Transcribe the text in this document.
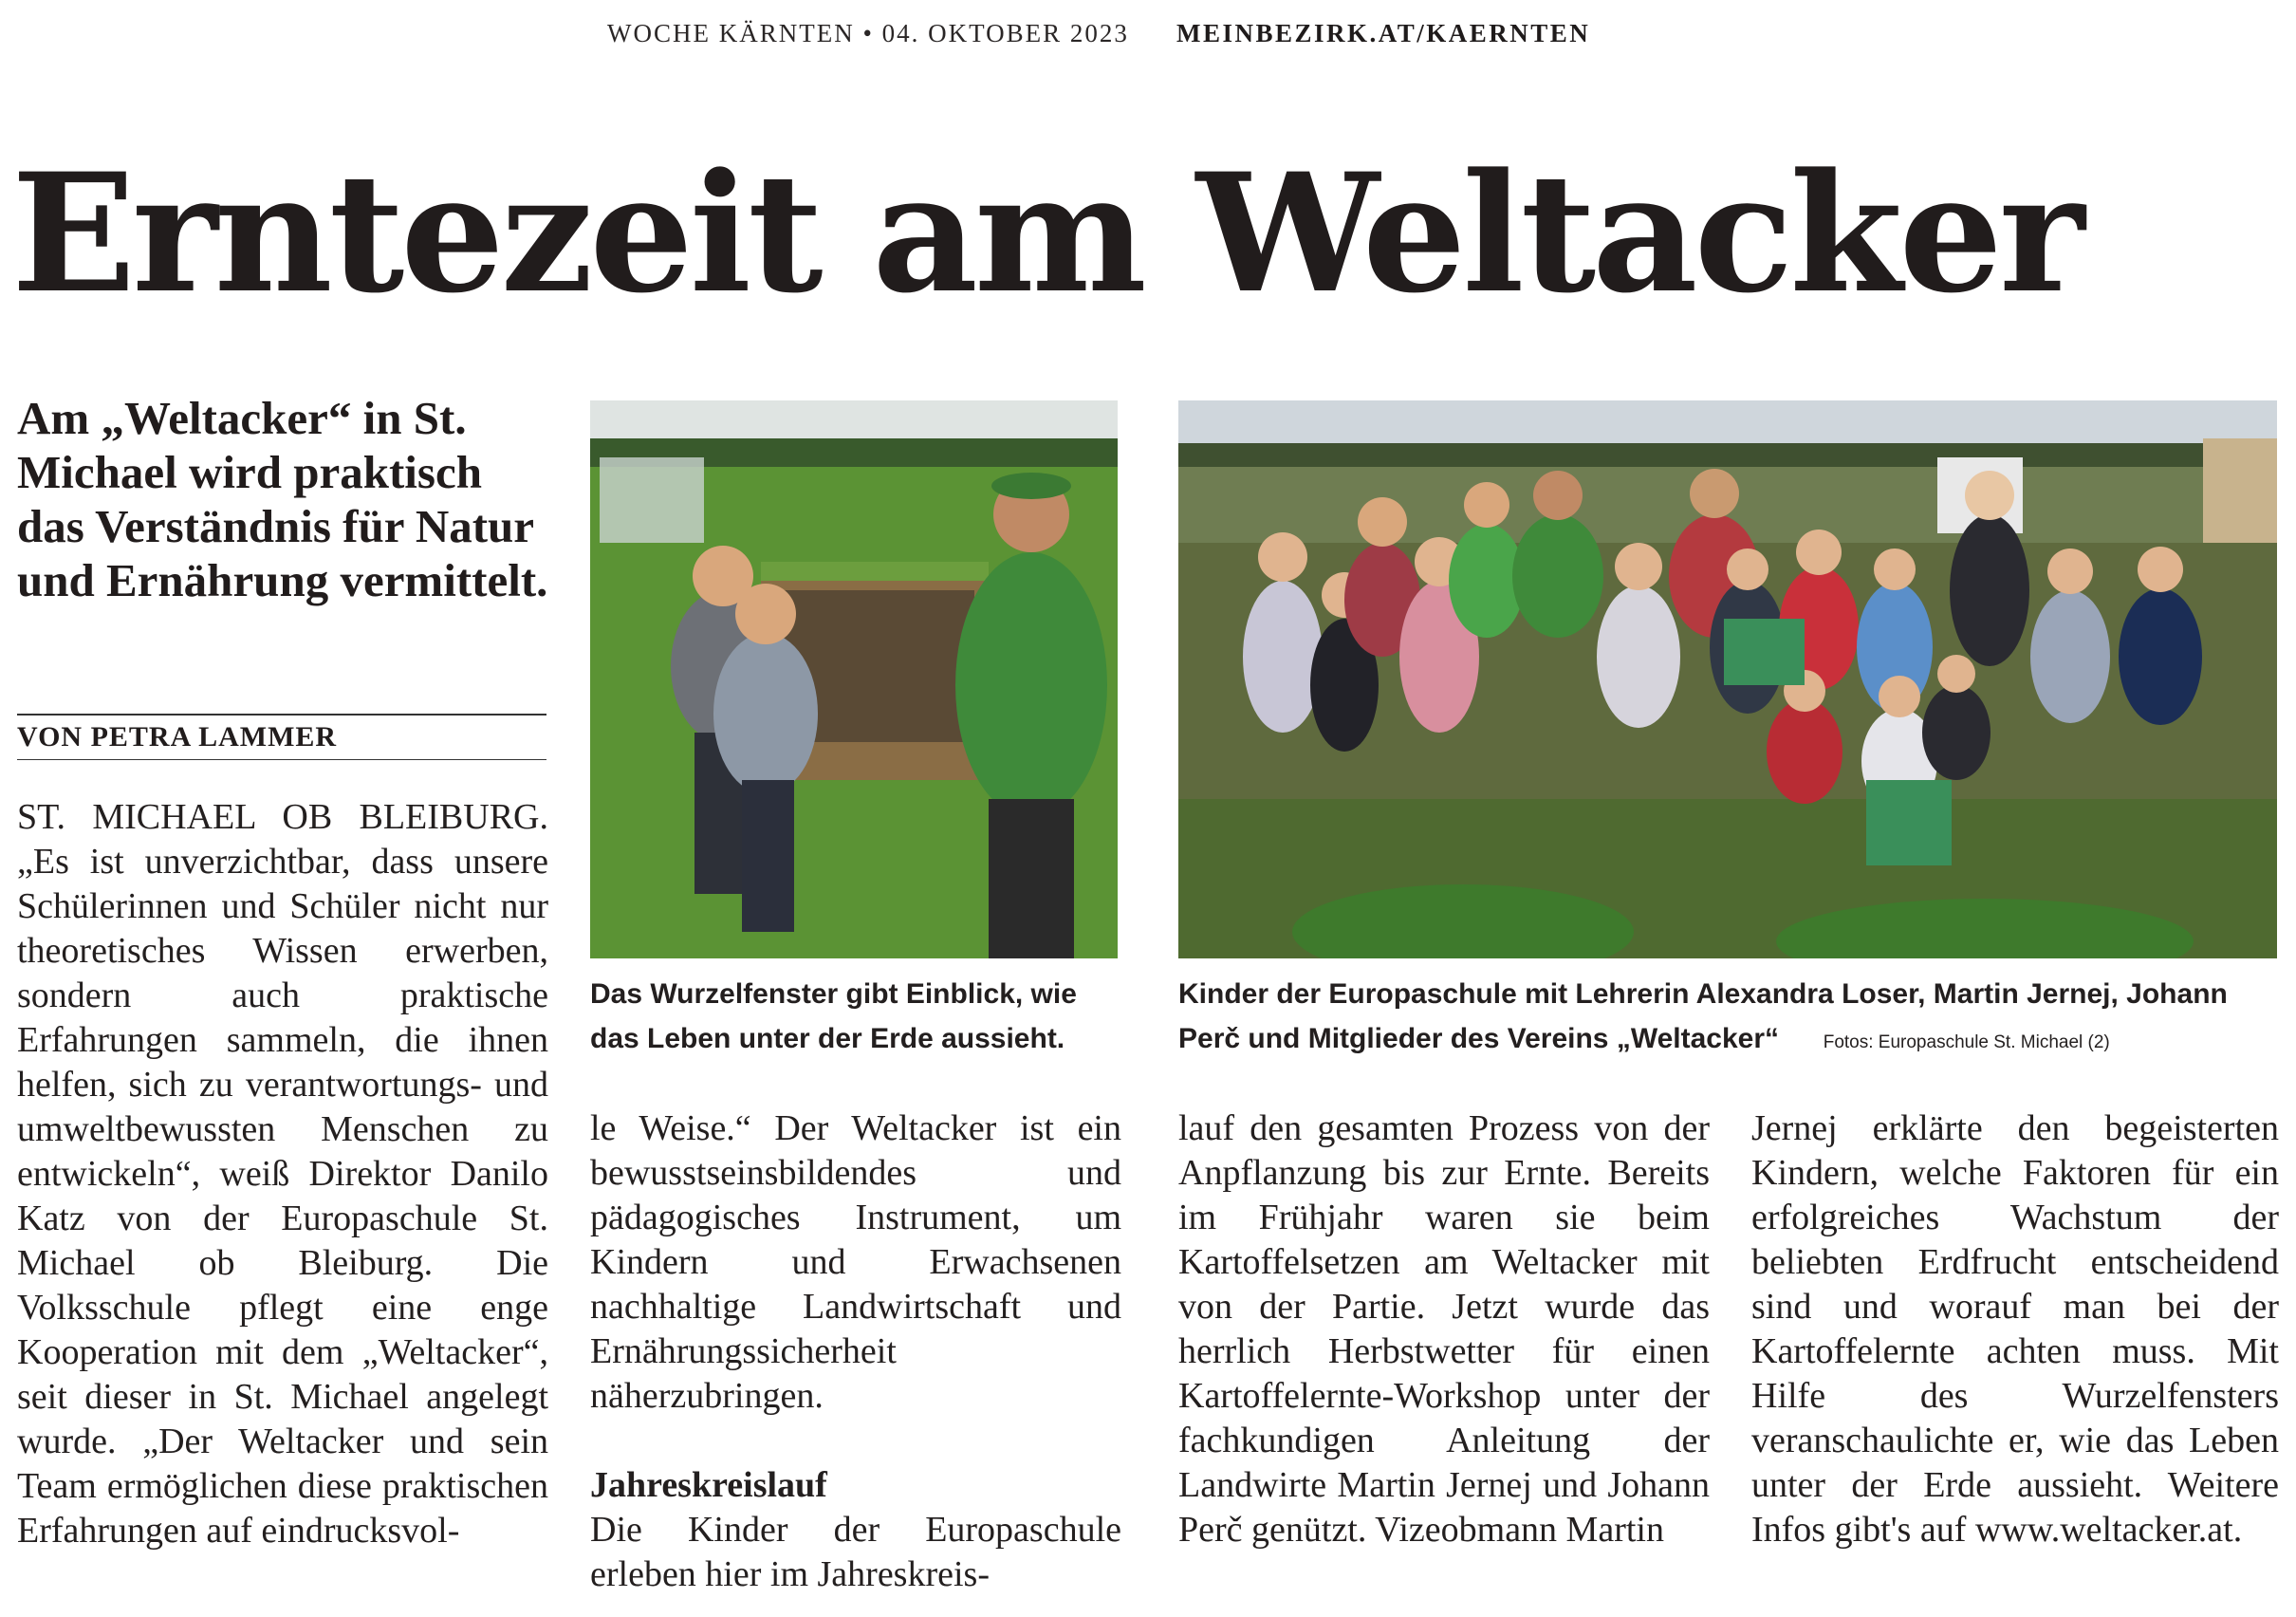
WOCHE KÄRNTEN • 04. OKTOBER 2023 MEINBEZIRK.AT/KAERNTEN
Erntezeit am Weltacker
Am „Weltacker“ in St. Michael wird praktisch das Verständnis für Natur und Ernährung vermittelt.
VON PETRA LAMMER

ST. MICHAEL OB BLEIBURG. „Es ist unverzichtbar, dass unsere Schülerinnen und Schüler nicht nur theoretisches Wissen erwerben, sondern auch praktische Erfahrungen sammeln, die ihnen helfen, sich zu verantwortungs- und umweltbewussten Menschen zu entwickeln“, weiß Direktor Danilo Katz von der Europaschule St. Michael ob Bleiburg. Die Volksschule pflegt eine enge Kooperation mit dem „Weltacker“, seit dieser in St. Michael angelegt wurde. „Der Weltacker und sein Team ermöglichen diese praktischen Erfahrungen auf eindrucksvol-

Das Wurzelfenster gibt Einblick, wie das Leben unter der Erde aussieht.
Kinder der Europaschule mit Lehrerin Alexandra Loser, Martin Jernej, Johann Perč und Mitglieder des Vereins „Weltacker“ Fotos: Europaschule St. Michael (2)

le Weise.“ Der Weltacker ist ein bewusstseinsbildendes und pädagogisches Instrument, um Kindern und Erwachsenen nachhaltige Landwirtschaft und Ernährungssicherheit näherzubringen.

Jahreskreislauf

Die Kinder der Europaschule erleben hier im Jahreskreis-

lauf den gesamten Prozess von der Anpflanzung bis zur Ernte. Bereits im Frühjahr waren sie beim Kartoffelsetzen am Weltacker mit von der Partie. Jetzt wurde das herrlich Herbstwetter für einen Kartoffelernte-Workshop unter der fachkundigen Anleitung der Landwirte Martin Jernej und Johann Perč genützt. Vizeobmann Martin

Jernej erklärte den begeisterten Kindern, welche Faktoren für ein erfolgreiches Wachstum der beliebten Erdfrucht entscheidend sind und worauf man bei der Kartoffelernte achten muss. Mit Hilfe des Wurzelfensters veranschaulichte er, wie das Leben unter der Erde aussieht. Weitere Infos gibt's auf www.weltacker.at.
